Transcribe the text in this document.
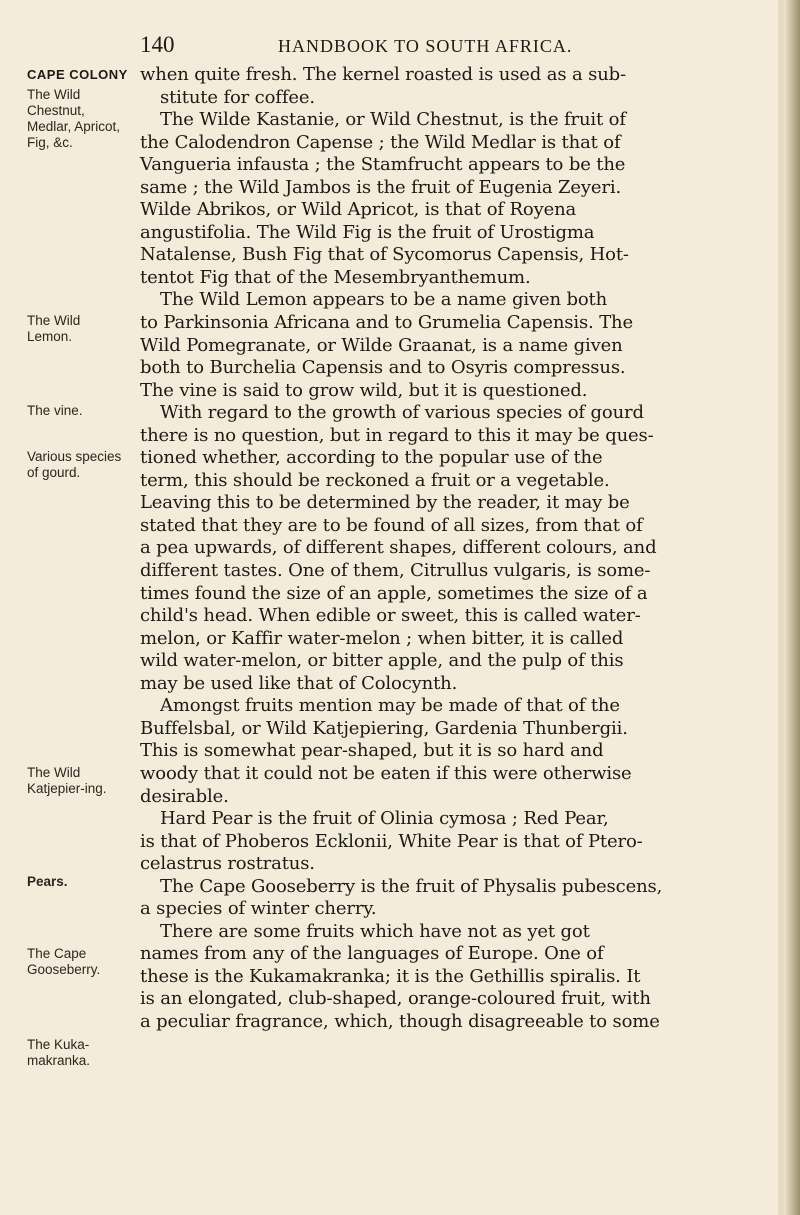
140	HANDBOOK TO SOUTH AFRICA.
CAPE COLONY
The Wild Chestnut, Medlar, Apricot, Fig, &c.
The Wild Lemon.
The vine.
Various species of gourd.
The Wild Katjepier-ing.
Pears.
The Cape Gooseberry.
The Kuka-makranka.
when quite fresh. The kernel roasted is used as a sub-
stitute for coffee.
The Wilde Kastanie, or Wild Chestnut, is the fruit of
the Calodendron Capense ; the Wild Medlar is that of
Vangueria infausta ; the Stamfrucht appears to be the
same ; the Wild Jambos is the fruit of Eugenia Zeyeri.
Wilde Abrikos, or Wild Apricot, is that of Royena
angustifolia. The Wild Fig is the fruit of Urostigma
Natalense, Bush Fig that of Sycomorus Capensis, Hot-
tentot Fig that of the Mesembryanthemum.
The Wild Lemon appears to be a name given both
to Parkinsonia Africana and to Grumelia Capensis. The
Wild Pomegranate, or Wilde Graanat, is a name given
both to Burchelia Capensis and to Osyris compressus.
The vine is said to grow wild, but it is questioned.
With regard to the growth of various species of gourd
there is no question, but in regard to this it may be ques-
tioned whether, according to the popular use of the
term, this should be reckoned a fruit or a vegetable.
Leaving this to be determined by the reader, it may be
stated that they are to be found of all sizes, from that of
a pea upwards, of different shapes, different colours, and
different tastes. One of them, Citrullus vulgaris, is some-
times found the size of an apple, sometimes the size of a
child's head. When edible or sweet, this is called water-
melon, or Kaffir water-melon ; when bitter, it is called
wild water-melon, or bitter apple, and the pulp of this
may be used like that of Colocynth.
Amongst fruits mention may be made of that of the
Buffelsbal, or Wild Katjepiering, Gardenia Thunbergii.
This is somewhat pear-shaped, but it is so hard and
woody that it could not be eaten if this were otherwise
desirable.
Hard Pear is the fruit of Olinia cymosa ; Red Pear,
is that of Phoberos Ecklonii, White Pear is that of Ptero-
celastrus rostratus.
The Cape Gooseberry is the fruit of Physalis pubescens,
a species of winter cherry.
There are some fruits which have not as yet got
names from any of the languages of Europe. One of
these is the Kukamakranka; it is the Gethillis spiralis. It
is an elongated, club-shaped, orange-coloured fruit, with
a peculiar fragrance, which, though disagreeable to some
